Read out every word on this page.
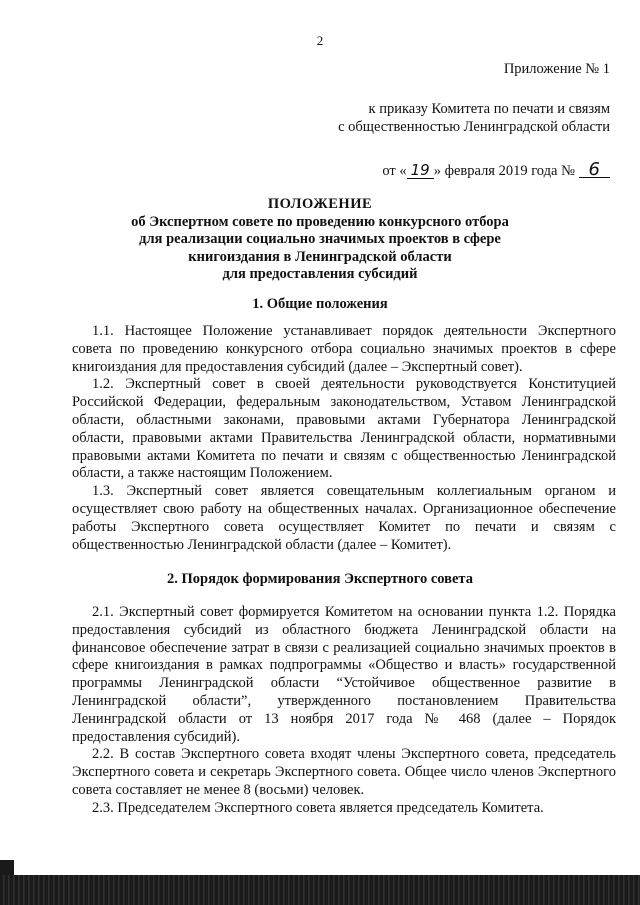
2
Приложение № 1
к приказу Комитета по печати и связям
с общественностью Ленинградской области
от « 19 » февраля 2019 года № 6
ПОЛОЖЕНИЕ
об Экспертном совете по проведению конкурсного отбора
для реализации социально значимых проектов в сфере
книгоиздания в Ленинградской области
для предоставления субсидий
1. Общие положения

1.1. Настоящее Положение устанавливает порядок деятельности Экспертного совета по проведению конкурсного отбора социально значимых проектов в сфере книгоиздания для предоставления субсидий (далее – Экспертный совет).

1.2. Экспертный совет в своей деятельности руководствуется Конституцией Российской Федерации, федеральным законодательством, Уставом Ленинградской области, областными законами, правовыми актами Губернатора Ленинградской области, правовыми актами Правительства Ленинградской области, нормативными правовыми актами Комитета по печати и связям с общественностью Ленинградской области, а также настоящим Положением.

1.3. Экспертный совет является совещательным коллегиальным органом и осуществляет свою работу на общественных началах. Организационное обеспечение работы Экспертного совета осуществляет Комитет по печати и связям с общественностью Ленинградской области (далее – Комитет).

2. Порядок формирования Экспертного совета

2.1. Экспертный совет формируется Комитетом на основании пункта 1.2. Порядка предоставления субсидий из областного бюджета Ленинградской области на финансовое обеспечение затрат в связи с реализацией социально значимых проектов в сфере книгоиздания в рамках подпрограммы «Общество и власть» государственной программы Ленинградской области “Устойчивое общественное развитие в Ленинградской области”, утвержденного постановлением Правительства Ленинградской области от 13 ноября 2017 года № 468 (далее – Порядок предоставления субсидий).

2.2. В состав Экспертного совета входят члены Экспертного совета, председатель Экспертного совета и секретарь Экспертного совета. Общее число членов Экспертного совета составляет не менее 8 (восьми) человек.

2.3. Председателем Экспертного совета является председатель Комитета.
